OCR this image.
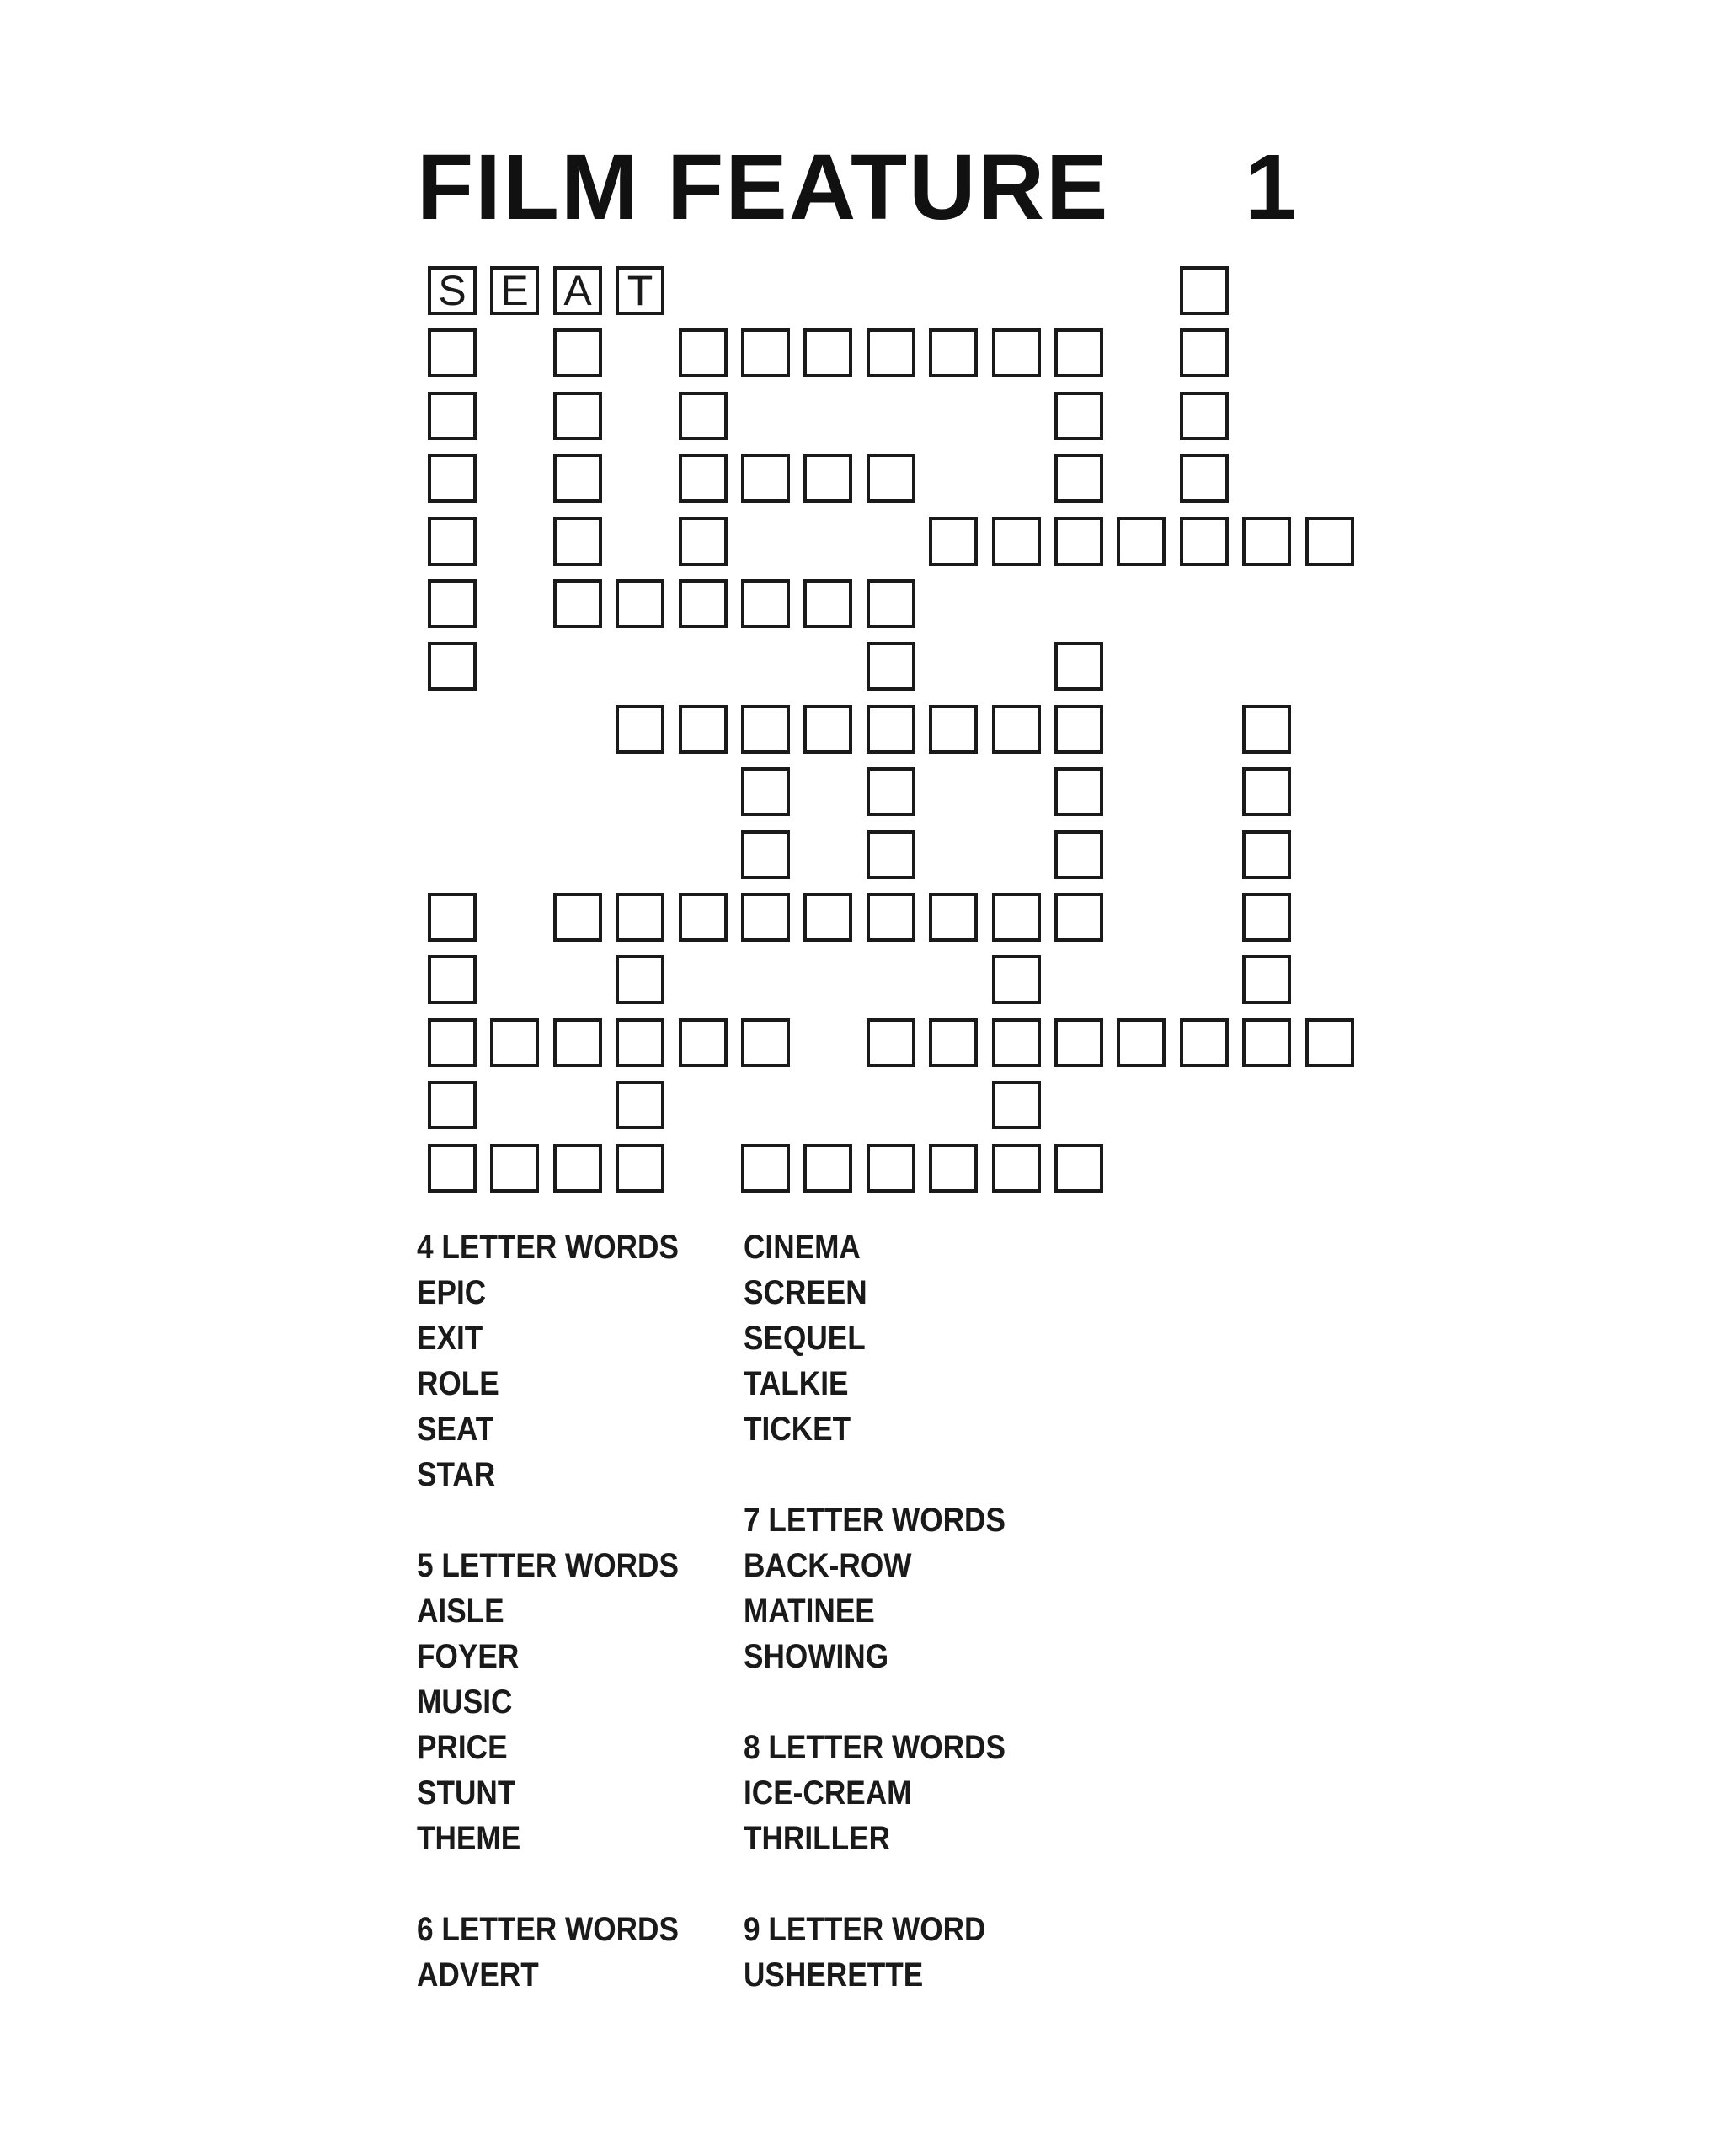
FILM FEATURE 1
S E A T
4 LETTER WORDS
EPIC
EXIT
ROLE
SEAT
STAR
5 LETTER WORDS
AISLE
FOYER
MUSIC
PRICE
STUNT
THEME
6 LETTER WORDS
ADVERT
CINEMA
SCREEN
SEQUEL
TALKIE
TICKET
7 LETTER WORDS
BACK-ROW
MATINEE
SHOWING
8 LETTER WORDS
ICE-CREAM
THRILLER
9 LETTER WORD
USHERETTE
